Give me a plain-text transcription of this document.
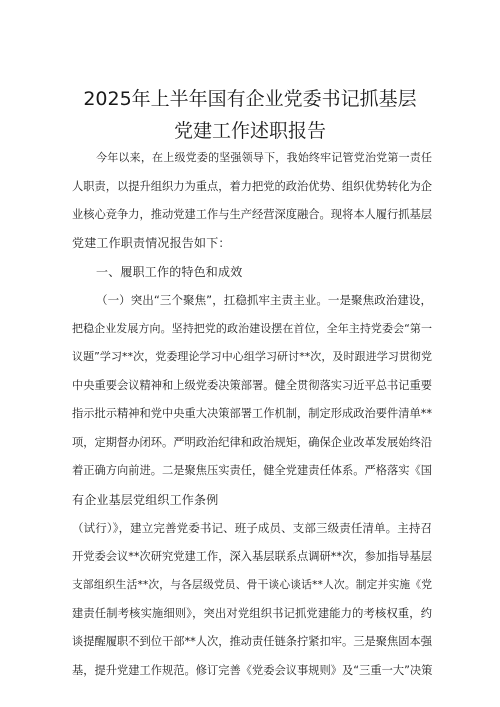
2025年上半年国有企业党委书记抓基层
党建工作述职报告
今年以来，在上级党委的坚强领导下，我始终牢记管党治党第一责任
人职责，以提升组织力为重点，着力把党的政治优势、组织优势转化为企
业核心竞争力，推动党建工作与生产经营深度融合。现将本人履行抓基层
党建工作职责情况报告如下：
一、履职工作的特色和成效
（一）突出“三个聚焦”，扛稳抓牢主责主业。一是聚焦政治建设，
把稳企业发展方向。坚持把党的政治建设摆在首位，全年主持党委会“第一
议题”学习**次，党委理论学习中心组学习研讨**次，及时跟进学习贯彻党
中央重要会议精神和上级党委决策部署。健全贯彻落实习近平总书记重要
指示批示精神和党中央重大决策部署工作机制，制定形成政治要件清单**
项，定期督办闭环。严明政治纪律和政治规矩，确保企业改革发展始终沿
着正确方向前进。二是聚焦压实责任，健全党建责任体系。严格落实《国
有企业基层党组织工作条例
（试行）》，建立完善党委书记、班子成员、支部三级责任清单。主持召
开党委会议**次研究党建工作，深入基层联系点调研**次，参加指导基层
支部组织生活**次，与各层级党员、骨干谈心谈话**人次。制定并实施《党
建责任制考核实施细则》，突出对党组织书记抓党建能力的考核权重，约
谈提醒履职不到位干部**人次，推动责任链条拧紧扣牢。三是聚焦固本强
基，提升党建工作规范。修订完善《党委会议事规则》及“三重一大”决策
